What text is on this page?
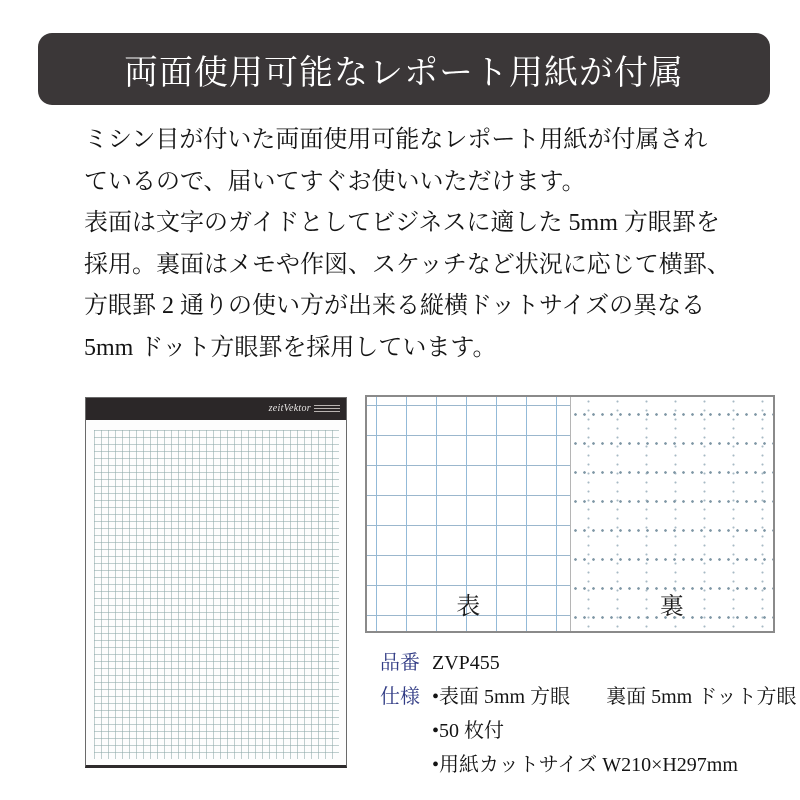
両面使用可能なレポート用紙が付属
ミシン目が付いた両面使用可能なレポート用紙が付属され
ているので、届いてすぐお使いいただけます。
表面は文字のガイドとしてビジネスに適した 5mm 方眼罫を
採用。裏面はメモや作図、スケッチなど状況に応じて横罫、
方眼罫 2 通りの使い方が出来る縦横ドットサイズの異なる
5mm ドット方眼罫を採用しています。
zeitVektor
表	裏
品番 ZVP455
仕様 •表面 5mm 方眼 裏面 5mm ドット方眼
•50 枚付
•用紙カットサイズ W210×H297mm
